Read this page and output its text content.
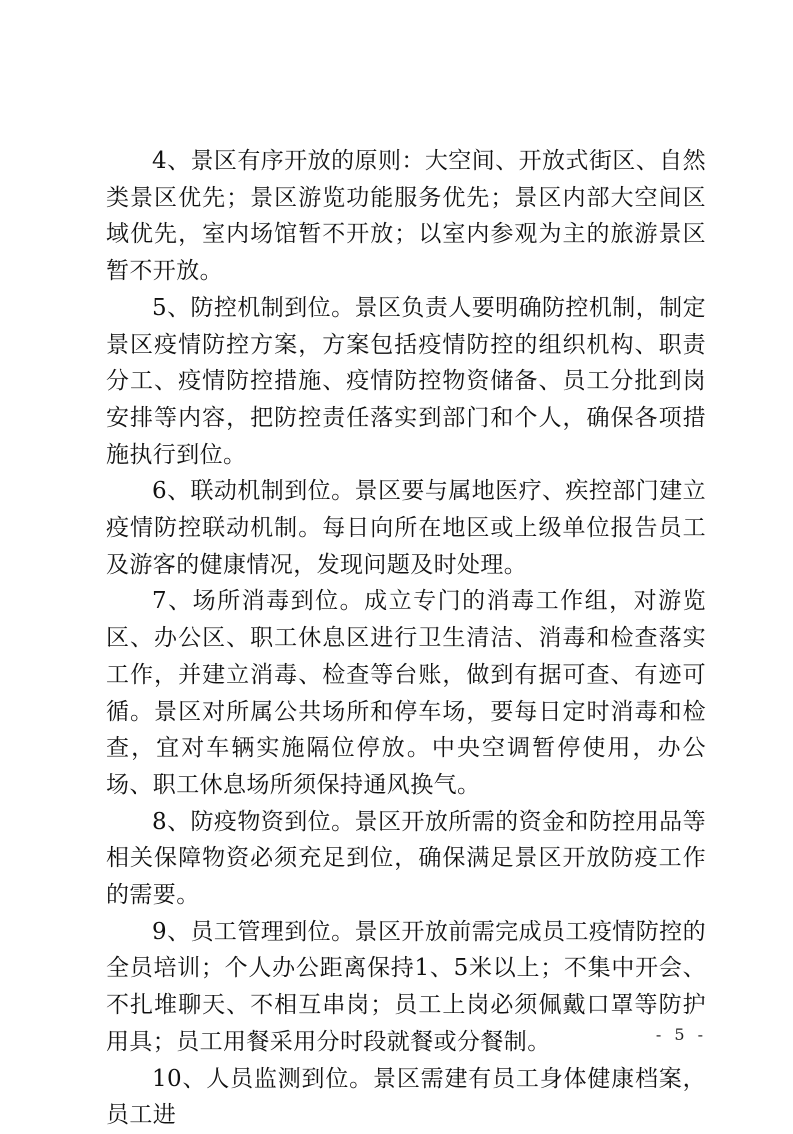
4、景区有序开放的原则：大空间、开放式街区、自然类景区优先；景区游览功能服务优先；景区内部大空间区域优先，室内场馆暂不开放；以室内参观为主的旅游景区暂不开放。

5、防控机制到位。景区负责人要明确防控机制，制定景区疫情防控方案，方案包括疫情防控的组织机构、职责分工、疫情防控措施、疫情防控物资储备、员工分批到岗安排等内容，把防控责任落实到部门和个人，确保各项措施执行到位。

6、联动机制到位。景区要与属地医疗、疾控部门建立疫情防控联动机制。每日向所在地区或上级单位报告员工及游客的健康情况，发现问题及时处理。

7、场所消毒到位。成立专门的消毒工作组，对游览区、办公区、职工休息区进行卫生清洁、消毒和检查落实工作，并建立消毒、检查等台账，做到有据可查、有迹可循。景区对所属公共场所和停车场，要每日定时消毒和检查，宜对车辆实施隔位停放。中央空调暂停使用，办公场、职工休息场所须保持通风换气。

8、防疫物资到位。景区开放所需的资金和防控用品等相关保障物资必须充足到位，确保满足景区开放防疫工作的需要。

9、员工管理到位。景区开放前需完成员工疫情防控的全员培训；个人办公距离保持1、5米以上；不集中开会、不扎堆聊天、不相互串岗；员工上岗必须佩戴口罩等防护用具；员工用餐采用分时段就餐或分餐制。

10、人员监测到位。景区需建有员工身体健康档案，员工进

- 5 -
